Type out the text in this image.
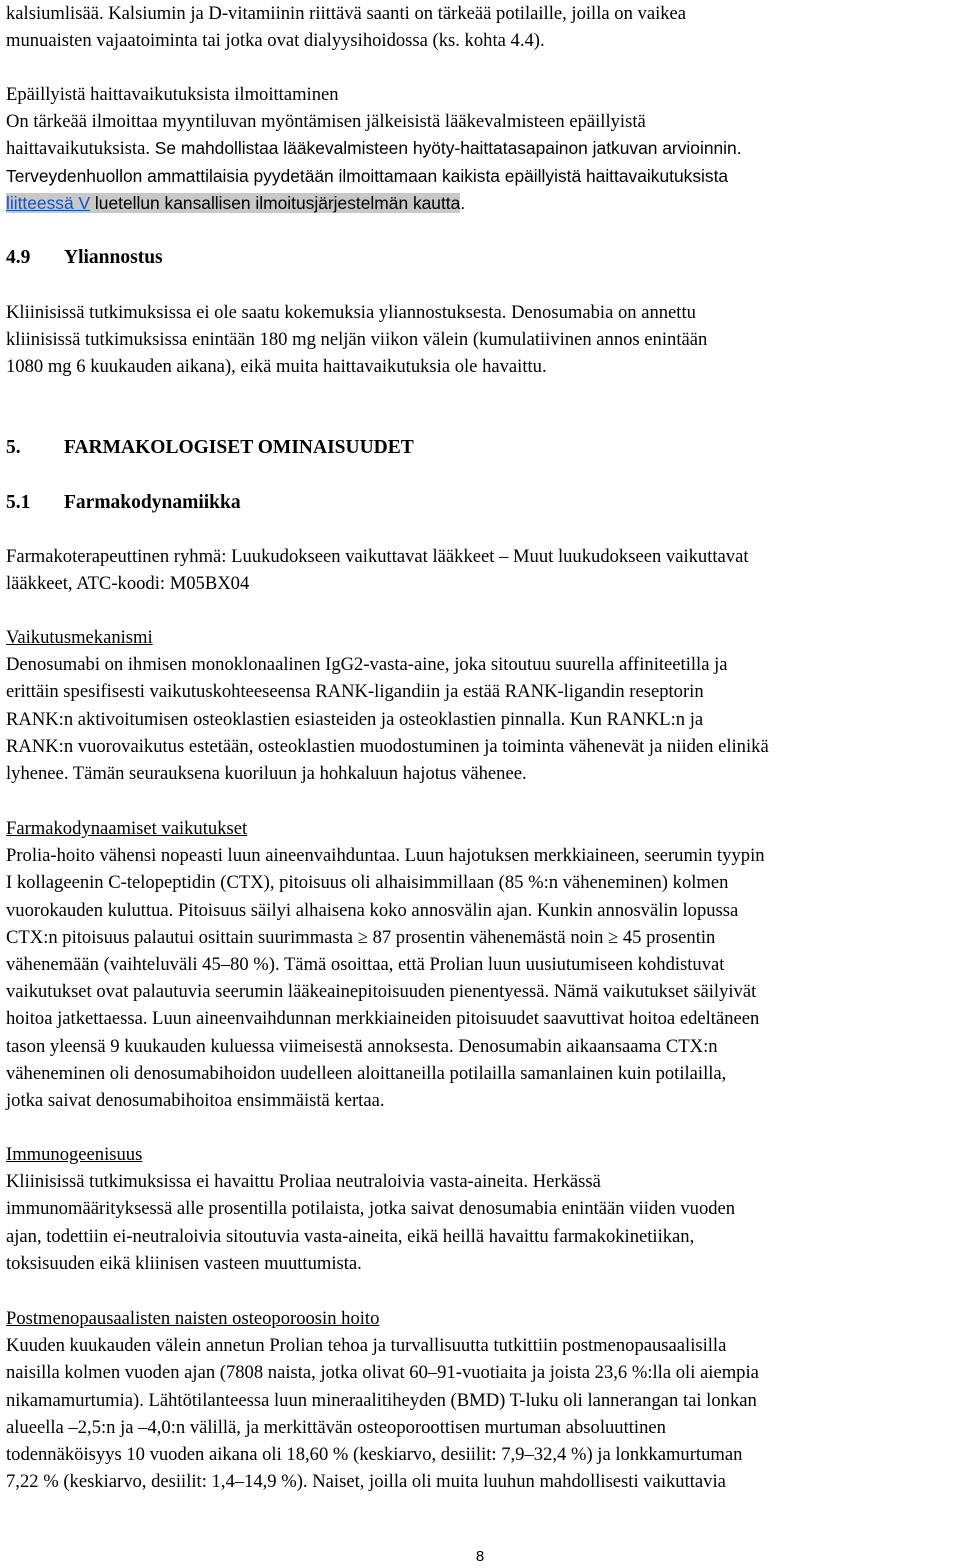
kalsiumlisää. Kalsiumin ja D-vitamiinin riittävä saanti on tärkeää potilaille, joilla on vaikea

munuaisten vajaatoiminta tai jotka ovat dialyysihoidossa (ks. kohta 4.4).

Epäillyistä haittavaikutuksista ilmoittaminen

On tärkeää ilmoittaa myyntiluvan myöntämisen jälkeisistä lääkevalmisteen epäillyistä

haittavaikutuksista. Se mahdollistaa lääkevalmisteen hyöty-haittatasapainon jatkuvan arvioinnin.

Terveydenhuollon ammattilaisia pyydetään ilmoittamaan kaikista epäillyistä haittavaikutuksista

liitteessä V luetellun kansallisen ilmoitusjärjestelmän kautta.

4.9 Yliannostus

Kliinisissä tutkimuksissa ei ole saatu kokemuksia yliannostuksesta. Denosumabia on annettu

kliinisissä tutkimuksissa enintään 180 mg neljän viikon välein (kumulatiivinen annos enintään

1080 mg 6 kuukauden aikana), eikä muita haittavaikutuksia ole havaittu.

5. FARMAKOLOGISET OMINAISUUDET

5.1 Farmakodynamiikka

Farmakoterapeuttinen ryhmä: Luukudokseen vaikuttavat lääkkeet – Muut luukudokseen vaikuttavat

lääkkeet, ATC-koodi: M05BX04

Vaikutusmekanismi

Denosumabi on ihmisen monoklonaalinen IgG2-vasta-aine, joka sitoutuu suurella affiniteetilla ja

erittäin spesifisesti vaikutuskohteeseensa RANK-ligandiin ja estää RANK-ligandin reseptorin

RANK:n aktivoitumisen osteoklastien esiasteiden ja osteoklastien pinnalla. Kun RANKL:n ja

RANK:n vuorovaikutus estetään, osteoklastien muodostuminen ja toiminta vähenevät ja niiden elinikä

lyhenee. Tämän seurauksena kuoriluun ja hohkaluun hajotus vähenee.

Farmakodynaamiset vaikutukset

Prolia-hoito vähensi nopeasti luun aineenvaihduntaa. Luun hajotuksen merkkiaineen, seerumin tyypin

I kollageenin C-telopeptidin (CTX), pitoisuus oli alhaisimmillaan (85 %:n väheneminen) kolmen

vuorokauden kuluttua. Pitoisuus säilyi alhaisena koko annosvälin ajan. Kunkin annosvälin lopussa

CTX:n pitoisuus palautui osittain suurimmasta ≥ 87 prosentin vähenemästä noin ≥ 45 prosentin

vähenemään (vaihteluväli 45–80 %). Tämä osoittaa, että Prolian luun uusiutumiseen kohdistuvat

vaikutukset ovat palautuvia seerumin lääkeainepitoisuuden pienentyessä. Nämä vaikutukset säilyivät

hoitoa jatkettaessa. Luun aineenvaihdunnan merkkiaineiden pitoisuudet saavuttivat hoitoa edeltäneen

tason yleensä 9 kuukauden kuluessa viimeisestä annoksesta. Denosumabin aikaansaama CTX:n

väheneminen oli denosumabihoidon uudelleen aloittaneilla potilailla samanlainen kuin potilailla,

jotka saivat denosumabihoitoa ensimmäistä kertaa.

Immunogeenisuus

Kliinisissä tutkimuksissa ei havaittu Proliaa neutraloivia vasta-aineita. Herkässä

immunomäärityksessä alle prosentilla potilaista, jotka saivat denosumabia enintään viiden vuoden

ajan, todettiin ei-neutraloivia sitoutuvia vasta-aineita, eikä heillä havaittu farmakokinetiikan,

toksisuuden eikä kliinisen vasteen muuttumista.

Postmenopausaalisten naisten osteoporoosin hoito

Kuuden kuukauden välein annetun Prolian tehoa ja turvallisuutta tutkittiin postmenopausaalisilla

naisilla kolmen vuoden ajan (7808 naista, jotka olivat 60–91-vuotiaita ja joista 23,6 %:lla oli aiempia

nikamamurtumia). Lähtötilanteessa luun mineraalitiheyden (BMD) T-luku oli lannerangan tai lonkan

alueella –2,5:n ja –4,0:n välillä, ja merkittävän osteoporoottisen murtuman absoluuttinen

todennäköisyys 10 vuoden aikana oli 18,60 % (keskiarvo, desiilit: 7,9–32,4 %) ja lonkkamurtuman

7,22 % (keskiarvo, desiilit: 1,4–14,9 %). Naiset, joilla oli muita luuhun mahdollisesti vaikuttavia

8
